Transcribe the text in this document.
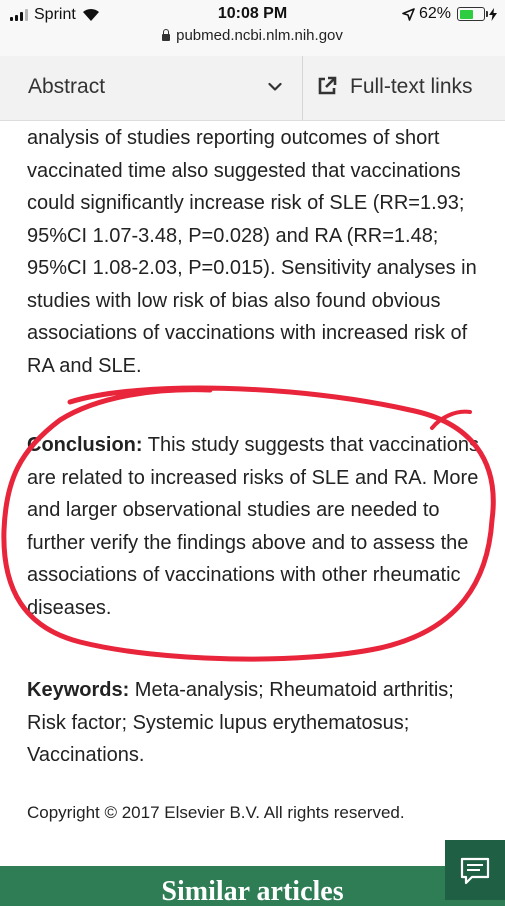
Sprint	10:08 PM	62%
pubmed.ncbi.nlm.nih.gov
Abstract	Full-text links

analysis of studies reporting outcomes of short vaccinated time also suggested that vaccinations could significantly increase risk of SLE (RR=1.93; 95%CI 1.07-3.48, P=0.028) and RA (RR=1.48; 95%CI 1.08-2.03, P=0.015). Sensitivity analyses in studies with low risk of bias also found obvious associations of vaccinations with increased risk of RA and SLE.

Conclusion: This study suggests that vaccinations are related to increased risks of SLE and RA. More and larger observational studies are needed to further verify the findings above and to assess the associations of vaccinations with other rheumatic diseases.

Keywords: Meta-analysis; Rheumatoid arthritis; Risk factor; Systemic lupus erythematosus; Vaccinations.

Copyright © 2017 Elsevier B.V. All rights reserved.
Similar articles
